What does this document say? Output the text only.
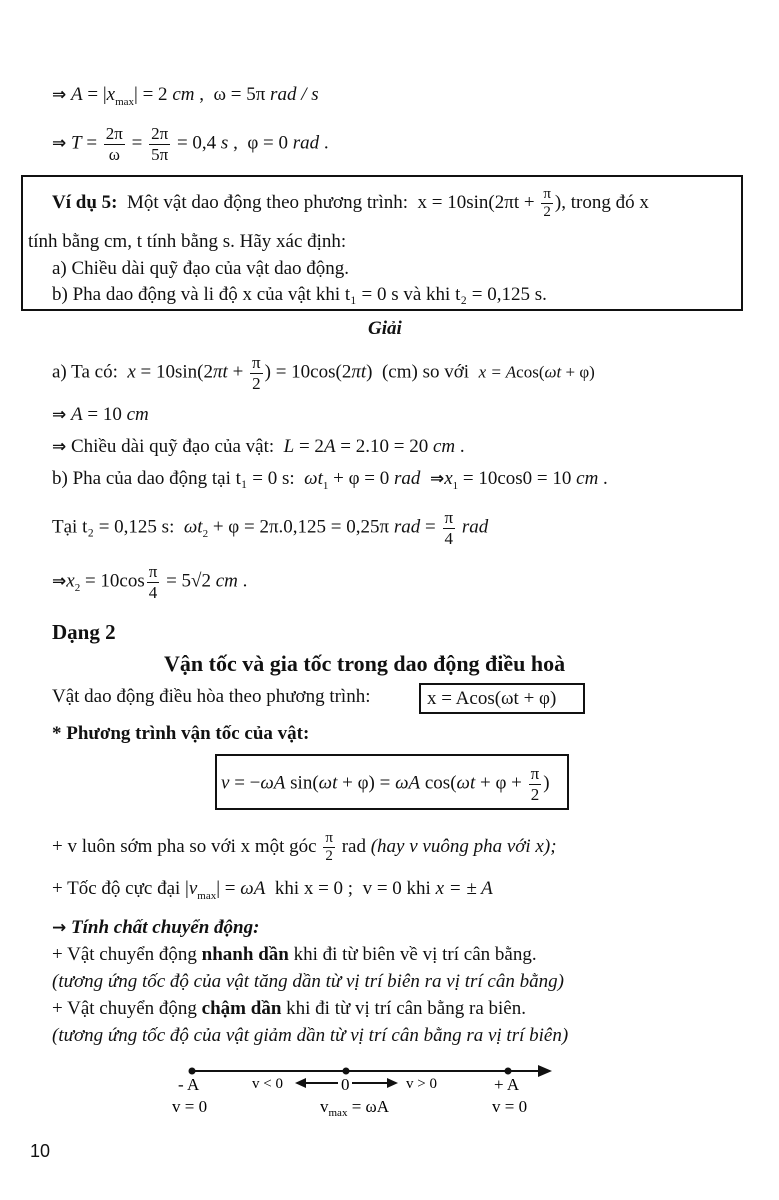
⇒ $A = |x_{max}| = 2$ cm ,  ω = 5π rad / s
⇒ $T = \frac{2\pi}{\omega} = \frac{2\pi}{5\pi} = 0,4$ s ,  φ = 0 rad .
Ví dụ 5: Một vật dao động theo phương trình:  $x = 10\sin(2\pi t + \frac{\pi}{2}$ ), trong đó x
tính bằng cm, t tính bằng s. Hãy xác định:
a) Chiều dài quỹ đạo của vật dao động.
b) Pha dao động và li độ x của vật khi t₁ = 0 s và khi t₂ = 0,125 s.
Giải
a) Ta có: $x = 10\sin(2\pi t + \frac{\pi}{2}$ ) = 10cos(2πt)  (cm) so với x = Acos(ωt + φ)
⇒ A = 10 cm
⇒ Chiều dài quỹ đạo của vật: L = 2A = 2.10 = 20 cm .
b) Pha của dao động tại t₁ = 0 s: $\omega t_1 + \varphi = 0$ rad $\Rightarrow x_1 = 10\cos 0 = 10$ cm .
Tại t₂ = 0,125 s: $\omega t_2 + \varphi = 2\pi.0,125 = 0,25\pi$ rad = $\frac{\pi}{4}$ rad
$\Rightarrow x_2 = 10\cos \frac{\pi}{4} = 5√2$ cm .
Dạng 2
Vận tốc và gia tốc trong dao động điều hoà
Vật dao động điều hòa theo phương trình:	x = Acos(ωt + φ)
* Phương trình vận tốc của vật:
v = −ωA sin(ωt + φ) = ωA $\cos(\omega t + \varphi + \frac{\pi}{2}$ )
+ v luôn sớm pha so với x một góc $\frac{\pi}{2}$ rad (hay v vuông pha với x);
+ Tốc độ cực đại $|v_{max}| = \omega A$ khi x = 0 ; v = 0 khi x = ± A
→ Tính chất chuyển động:
+ Vật chuyển động nhanh dần khi đi từ biên về vị trí cân bằng.
(tương ứng tốc độ của vật tăng dần từ vị trí biên ra vị trí cân bằng)
+ Vật chuyển động chậm dần khi đi từ vị trí cân bằng ra biên.
(tương ứng tốc độ của vật giảm dần từ vị trí cân bằng ra vị trí biên)
- A
v = 0
v < 0	0	v > 0	+ A
v = 0
$v_{max} = \omega A$
10
